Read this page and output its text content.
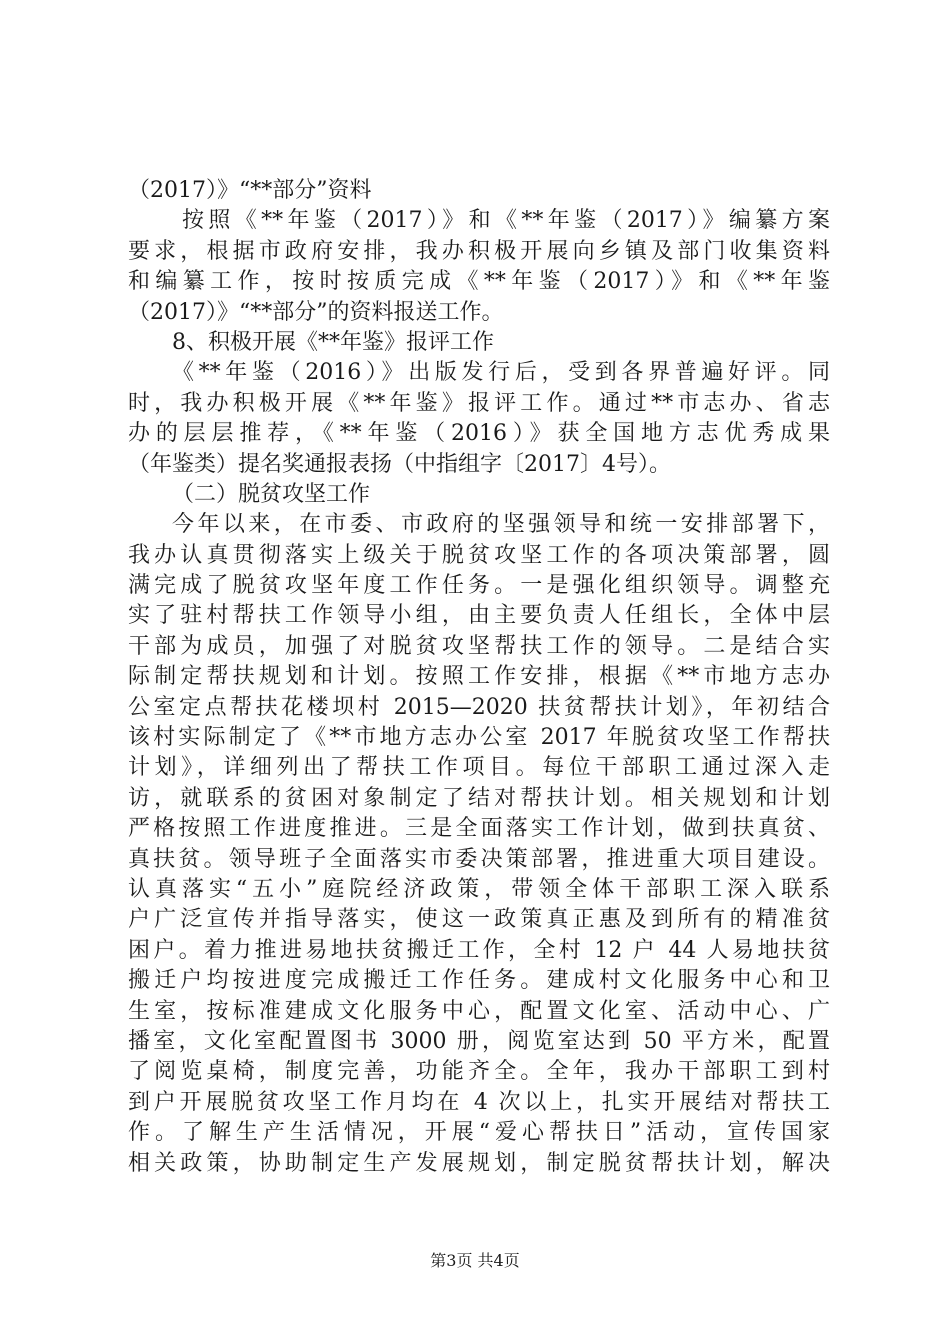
（2017）》“**部分”资料
按照《**年鉴（2017）》和《**年鉴（2017）》编纂方案
要求，根据市政府安排，我办积极开展向乡镇及部门收集资料
和编纂工作，按时按质完成《**年鉴（2017）》和《**年鉴
（2017）》“**部分”的资料报送工作。
8、积极开展《**年鉴》报评工作
《**年鉴（2016）》出版发行后，受到各界普遍好评。同
时，我办积极开展《**年鉴》报评工作。通过**市志办、省志
办的层层推荐，《**年鉴（2016）》获全国地方志优秀成果
（年鉴类）提名奖通报表扬（中指组字〔2017〕4号）。
（二）脱贫攻坚工作
今年以来，在市委、市政府的坚强领导和统一安排部署下，
我办认真贯彻落实上级关于脱贫攻坚工作的各项决策部署，圆
满完成了脱贫攻坚年度工作任务。一是强化组织领导。调整充
实了驻村帮扶工作领导小组，由主要负责人任组长，全体中层
干部为成员，加强了对脱贫攻坚帮扶工作的领导。二是结合实
际制定帮扶规划和计划。按照工作安排，根据《**市地方志办
公室定点帮扶花楼坝村 2015—2020 扶贫帮扶计划》，年初结合
该村实际制定了《**市地方志办公室 2017 年脱贫攻坚工作帮扶
计划》，详细列出了帮扶工作项目。每位干部职工通过深入走
访，就联系的贫困对象制定了结对帮扶计划。相关规划和计划
严格按照工作进度推进。三是全面落实工作计划，做到扶真贫、
真扶贫。领导班子全面落实市委决策部署，推进重大项目建设。
认真落实“五小”庭院经济政策，带领全体干部职工深入联系
户广泛宣传并指导落实，使这一政策真正惠及到所有的精准贫
困户。着力推进易地扶贫搬迁工作，全村 12 户 44 人易地扶贫
搬迁户均按进度完成搬迁工作任务。建成村文化服务中心和卫
生室，按标准建成文化服务中心，配置文化室、活动中心、广
播室，文化室配置图书 3000 册，阅览室达到 50 平方米，配置
了阅览桌椅，制度完善，功能齐全。全年，我办干部职工到村
到户开展脱贫攻坚工作月均在 4 次以上，扎实开展结对帮扶工
作。了解生产生活情况，开展“爱心帮扶日”活动，宣传国家
相关政策，协助制定生产发展规划，制定脱贫帮扶计划，解决
第3页 共4页
